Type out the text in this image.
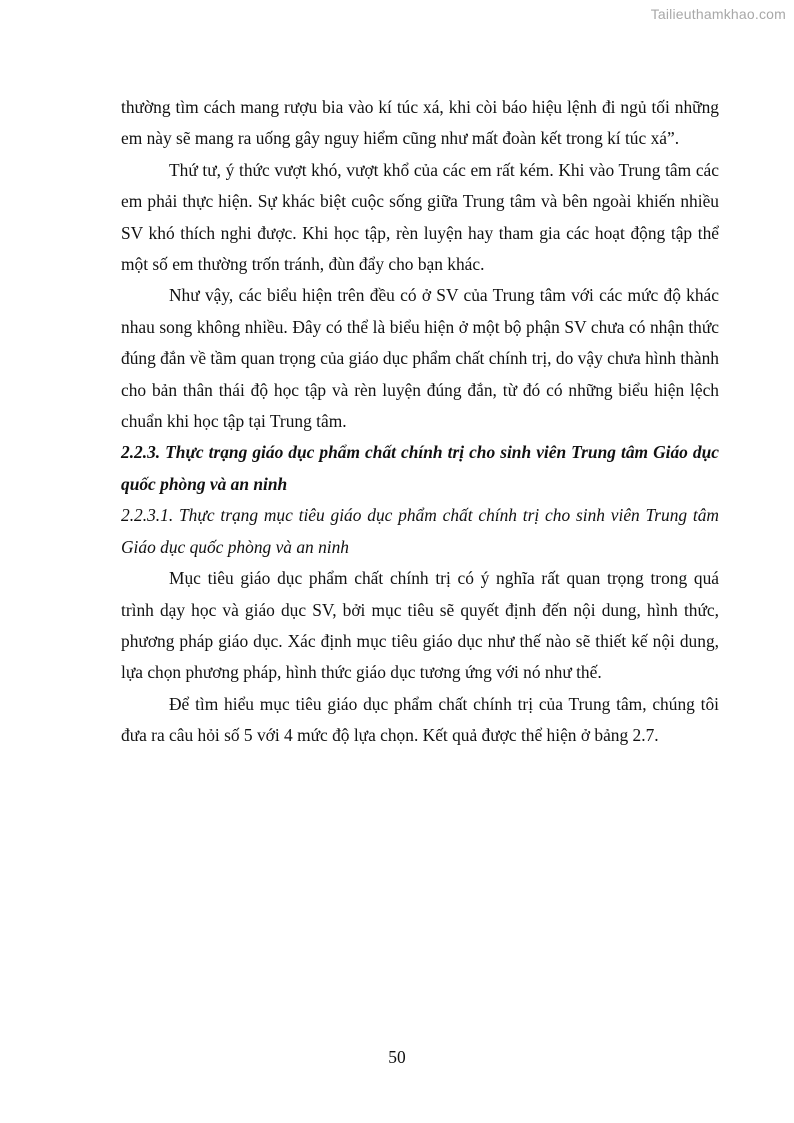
Tailieuthamkhao.com

thường tìm cách mang rượu bia vào kí túc xá, khi còi báo hiệu lệnh đi ngủ tối những em này sẽ mang ra uống gây nguy hiểm cũng như mất đoàn kết trong kí túc xá”.

Thứ tư, ý thức vượt khó, vượt khổ của các em rất kém. Khi vào Trung tâm các em phải thực hiện. Sự khác biệt cuộc sống giữa Trung tâm và bên ngoài khiến nhiều SV khó thích nghi được. Khi học tập, rèn luyện hay tham gia các hoạt động tập thể một số em thường trốn tránh, đùn đẩy cho bạn khác.

Như vậy, các biểu hiện trên đều có ở SV của Trung tâm với các mức độ khác nhau song không nhiều. Đây có thể là biểu hiện ở một bộ phận SV chưa có nhận thức đúng đắn về tầm quan trọng của giáo dục phẩm chất chính trị, do vậy chưa hình thành cho bản thân thái độ học tập và rèn luyện đúng đắn, từ đó có những biểu hiện lệch chuẩn khi học tập tại Trung tâm.

2.2.3. Thực trạng giáo dục phẩm chất chính trị cho sinh viên Trung tâm Giáo dục quốc phòng và an ninh

2.2.3.1. Thực trạng mục tiêu giáo dục phẩm chất chính trị cho sinh viên Trung tâm Giáo dục quốc phòng và an ninh

Mục tiêu giáo dục phẩm chất chính trị có ý nghĩa rất quan trọng trong quá trình dạy học và giáo dục SV, bởi mục tiêu sẽ quyết định đến nội dung, hình thức, phương pháp giáo dục. Xác định mục tiêu giáo dục như thế nào sẽ thiết kế nội dung, lựa chọn phương pháp, hình thức giáo dục tương ứng với nó như thế.

Để tìm hiểu mục tiêu giáo dục phẩm chất chính trị của Trung tâm, chúng tôi đưa ra câu hỏi số 5 với 4 mức độ lựa chọn. Kết quả được thể hiện ở bảng 2.7.

50
